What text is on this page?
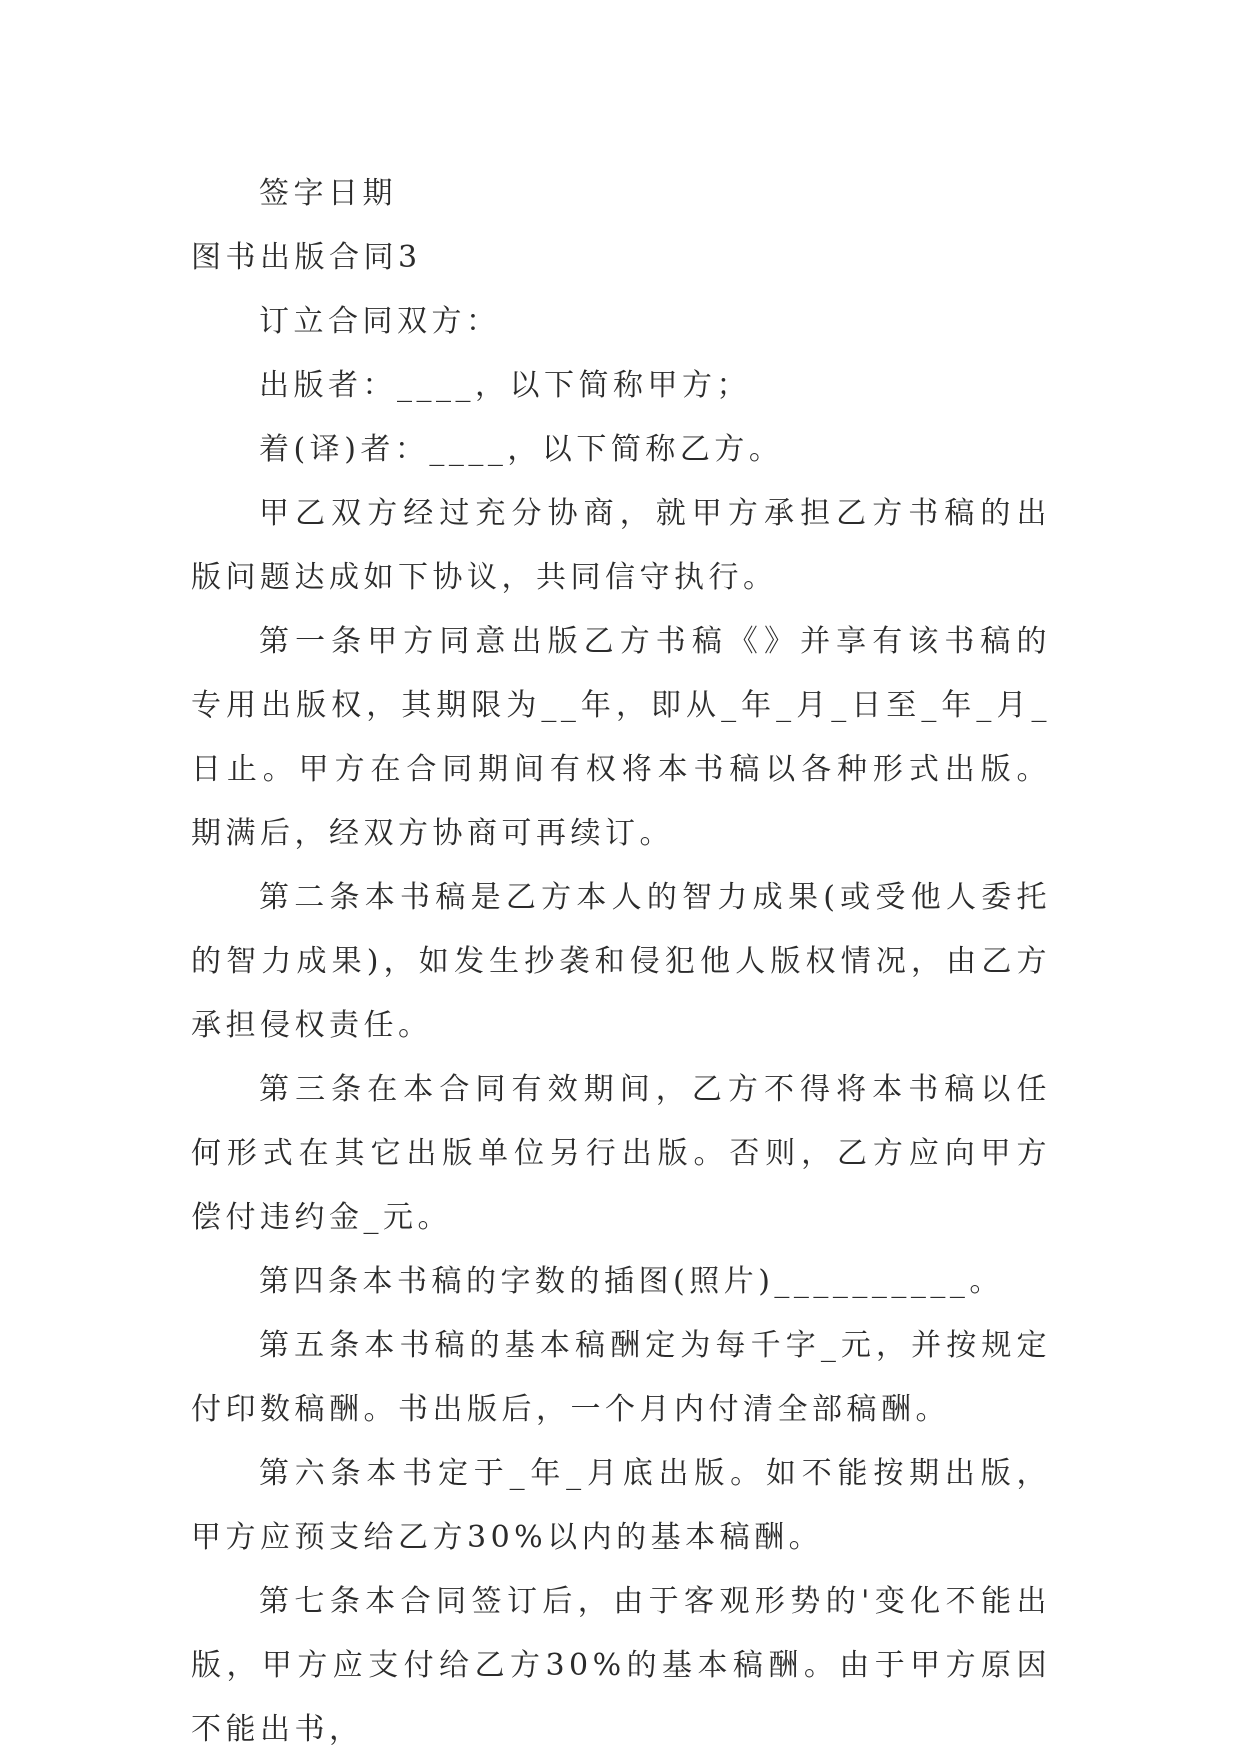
签字日期

图书出版合同3

订立合同双方：

出版者：____，以下简称甲方；

着(译)者：____，以下简称乙方。

甲乙双方经过充分协商，就甲方承担乙方书稿的出版问题达成如下协议，共同信守执行。

第一条甲方同意出版乙方书稿《》并享有该书稿的专用出版权，其期限为__年，即从_年_月_日至_年_月_日止。甲方在合同期间有权将本书稿以各种形式出版。期满后，经双方协商可再续订。

第二条本书稿是乙方本人的智力成果(或受他人委托的智力成果)，如发生抄袭和侵犯他人版权情况，由乙方承担侵权责任。

第三条在本合同有效期间，乙方不得将本书稿以任何形式在其它出版单位另行出版。否则，乙方应向甲方偿付违约金_元。

第四条本书稿的字数的插图(照片)__________。

第五条本书稿的基本稿酬定为每千字_元，并按规定付印数稿酬。书出版后，一个月内付清全部稿酬。

第六条本书定于_年_月底出版。如不能按期出版，甲方应预支给乙方30%以内的基本稿酬。

第七条本合同签订后，由于客观形势的'变化不能出版，甲方应支付给乙方30%的基本稿酬。由于甲方原因不能出书，
